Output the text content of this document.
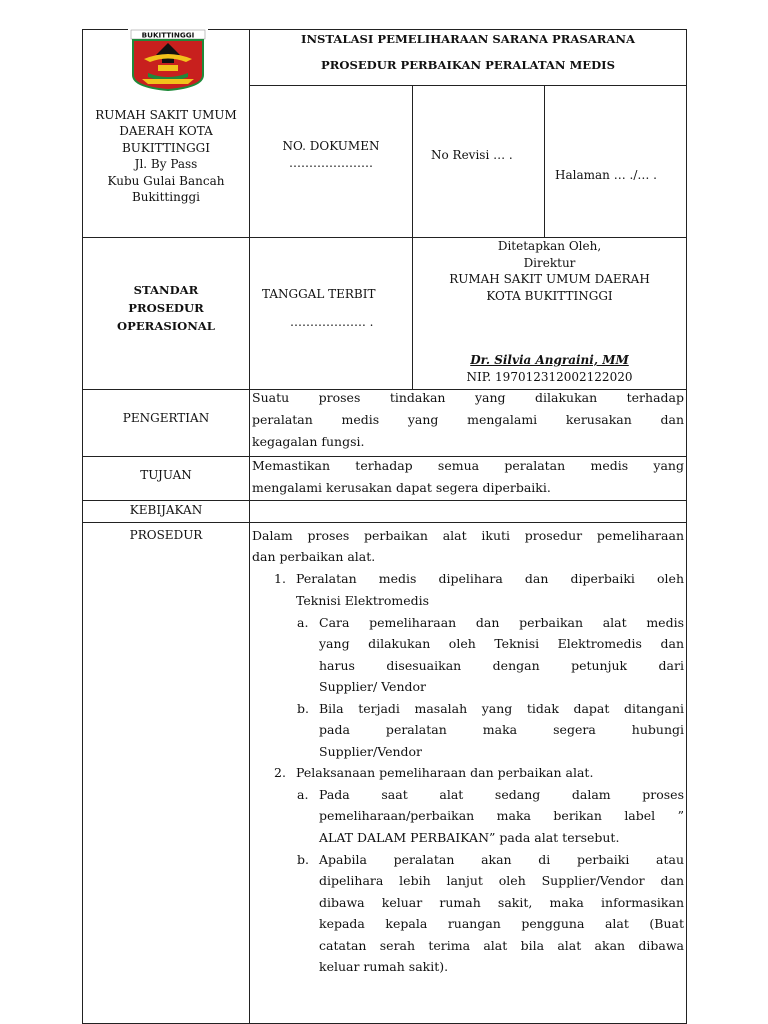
BUKITTINGGI
RUMAH SAKIT UMUM
DAERAH KOTA
BUKITTINGGI
Jl. By Pass
Kubu Gulai Bancah
Bukittinggi
INSTALASI PEMELIHARAAN SARANA PRASARANA
PROSEDUR PERBAIKAN PERALATAN MEDIS
NO. DOKUMEN
…………………
No Revisi … .
Halaman … ./… .
STANDAR
PROSEDUR
OPERASIONAL
TANGGAL TERBIT
………………. .
Ditetapkan Oleh,
Direktur
RUMAH SAKIT UMUM DAERAH
KOTA BUKITTINGGI
Dr. Silvia Angraini, MM
NIP. 197012312002122020
PENGERTIAN
Suatu proses tindakan yang dilakukan terhadap
peralatan medis yang mengalami kerusakan dan
kegagalan fungsi.
TUJUAN
Memastikan terhadap semua peralatan medis yang
mengalami kerusakan dapat segera diperbaiki.
KEBIJAKAN
PROSEDUR	Dalam proses perbaikan alat ikuti prosedur pemeliharaan
dan perbaikan alat.
1. Peralatan medis dipelihara dan diperbaiki oleh
Teknisi Elektromedis
a. Cara pemeliharaan dan perbaikan alat medis
yang dilakukan oleh Teknisi Elektromedis dan
harus disesuaikan dengan petunjuk dari
Supplier/ Vendor
b. Bila terjadi masalah yang tidak dapat ditangani
pada peralatan maka segera hubungi
Supplier/Vendor
2. Pelaksanaan pemeliharaan dan perbaikan alat.
a. Pada saat alat sedang dalam proses
pemeliharaan/perbaikan maka berikan label ”
ALAT DALAM PERBAIKAN” pada alat tersebut.
b. Apabila peralatan akan di perbaiki atau
dipelihara lebih lanjut oleh Supplier/Vendor dan
dibawa keluar rumah sakit, maka informasikan
kepada kepala ruangan pengguna alat (Buat
catatan serah terima alat bila alat akan dibawa
keluar rumah sakit).
